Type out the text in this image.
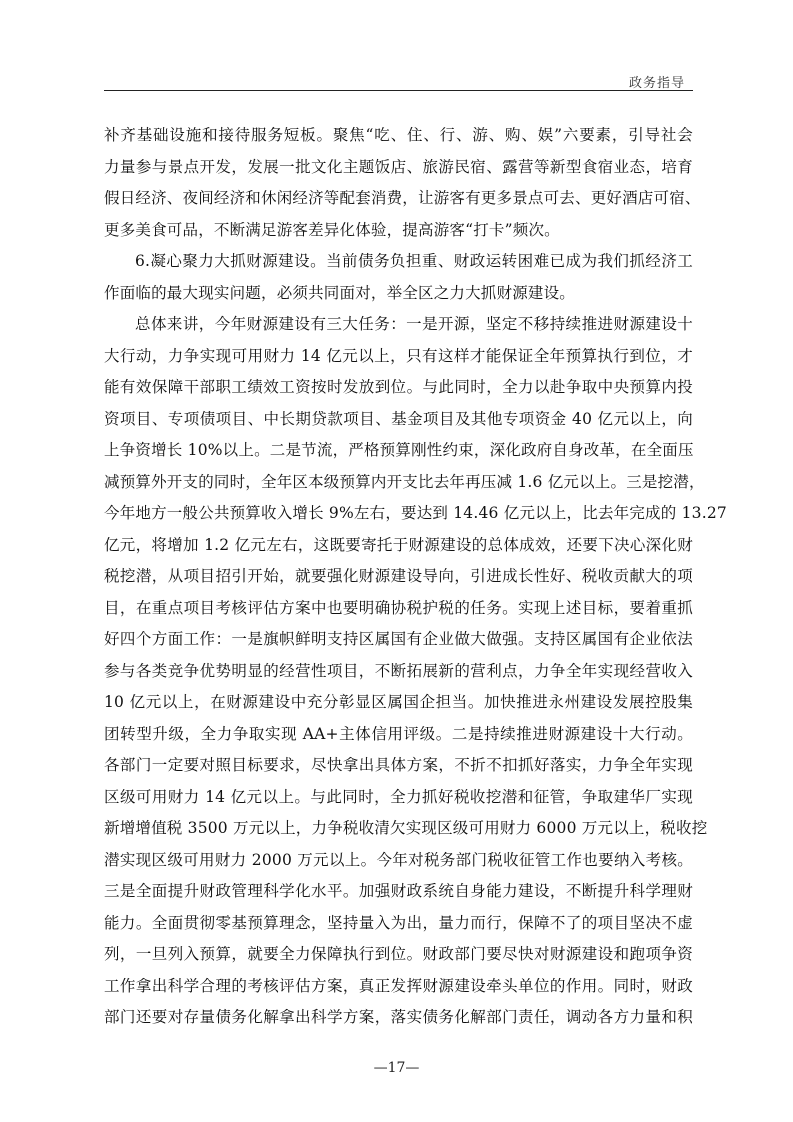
政务指导
补齐基础设施和接待服务短板。聚焦“吃、住、行、游、购、娱”六要素，引导社会
力量参与景点开发，发展一批文化主题饭店、旅游民宿、露营等新型食宿业态，培育
假日经济、夜间经济和休闲经济等配套消费，让游客有更多景点可去、更好酒店可宿、
更多美食可品，不断满足游客差异化体验，提高游客“打卡”频次。
6.凝心聚力大抓财源建设。当前债务负担重、财政运转困难已成为我们抓经济工
作面临的最大现实问题，必须共同面对，举全区之力大抓财源建设。
总体来讲，今年财源建设有三大任务：一是开源，坚定不移持续推进财源建设十
大行动，力争实现可用财力 14 亿元以上，只有这样才能保证全年预算执行到位，才
能有效保障干部职工绩效工资按时发放到位。与此同时，全力以赴争取中央预算内投
资项目、专项债项目、中长期贷款项目、基金项目及其他专项资金 40 亿元以上，向
上争资增长 10%以上。二是节流，严格预算刚性约束，深化政府自身改革，在全面压
减预算外开支的同时，全年区本级预算内开支比去年再压减 1.6 亿元以上。三是挖潜，
今年地方一般公共预算收入增长 9%左右，要达到 14.46 亿元以上，比去年完成的 13.27
亿元，将增加 1.2 亿元左右，这既要寄托于财源建设的总体成效，还要下决心深化财
税挖潜，从项目招引开始，就要强化财源建设导向，引进成长性好、税收贡献大的项
目，在重点项目考核评估方案中也要明确协税护税的任务。实现上述目标，要着重抓
好四个方面工作：一是旗帜鲜明支持区属国有企业做大做强。支持区属国有企业依法
参与各类竞争优势明显的经营性项目，不断拓展新的营利点，力争全年实现经营收入
10 亿元以上，在财源建设中充分彰显区属国企担当。加快推进永州建设发展控股集
团转型升级，全力争取实现 AA+主体信用评级。二是持续推进财源建设十大行动。
各部门一定要对照目标要求，尽快拿出具体方案，不折不扣抓好落实，力争全年实现
区级可用财力 14 亿元以上。与此同时，全力抓好税收挖潜和征管，争取建华厂实现
新增增值税 3500 万元以上，力争税收清欠实现区级可用财力 6000 万元以上，税收挖
潜实现区级可用财力 2000 万元以上。今年对税务部门税收征管工作也要纳入考核。
三是全面提升财政管理科学化水平。加强财政系统自身能力建设，不断提升科学理财
能力。全面贯彻零基预算理念，坚持量入为出，量力而行，保障不了的项目坚决不虚
列，一旦列入预算，就要全力保障执行到位。财政部门要尽快对财源建设和跑项争资
工作拿出科学合理的考核评估方案，真正发挥财源建设牵头单位的作用。同时，财政
部门还要对存量债务化解拿出科学方案，落实债务化解部门责任，调动各方力量和积
—17—
